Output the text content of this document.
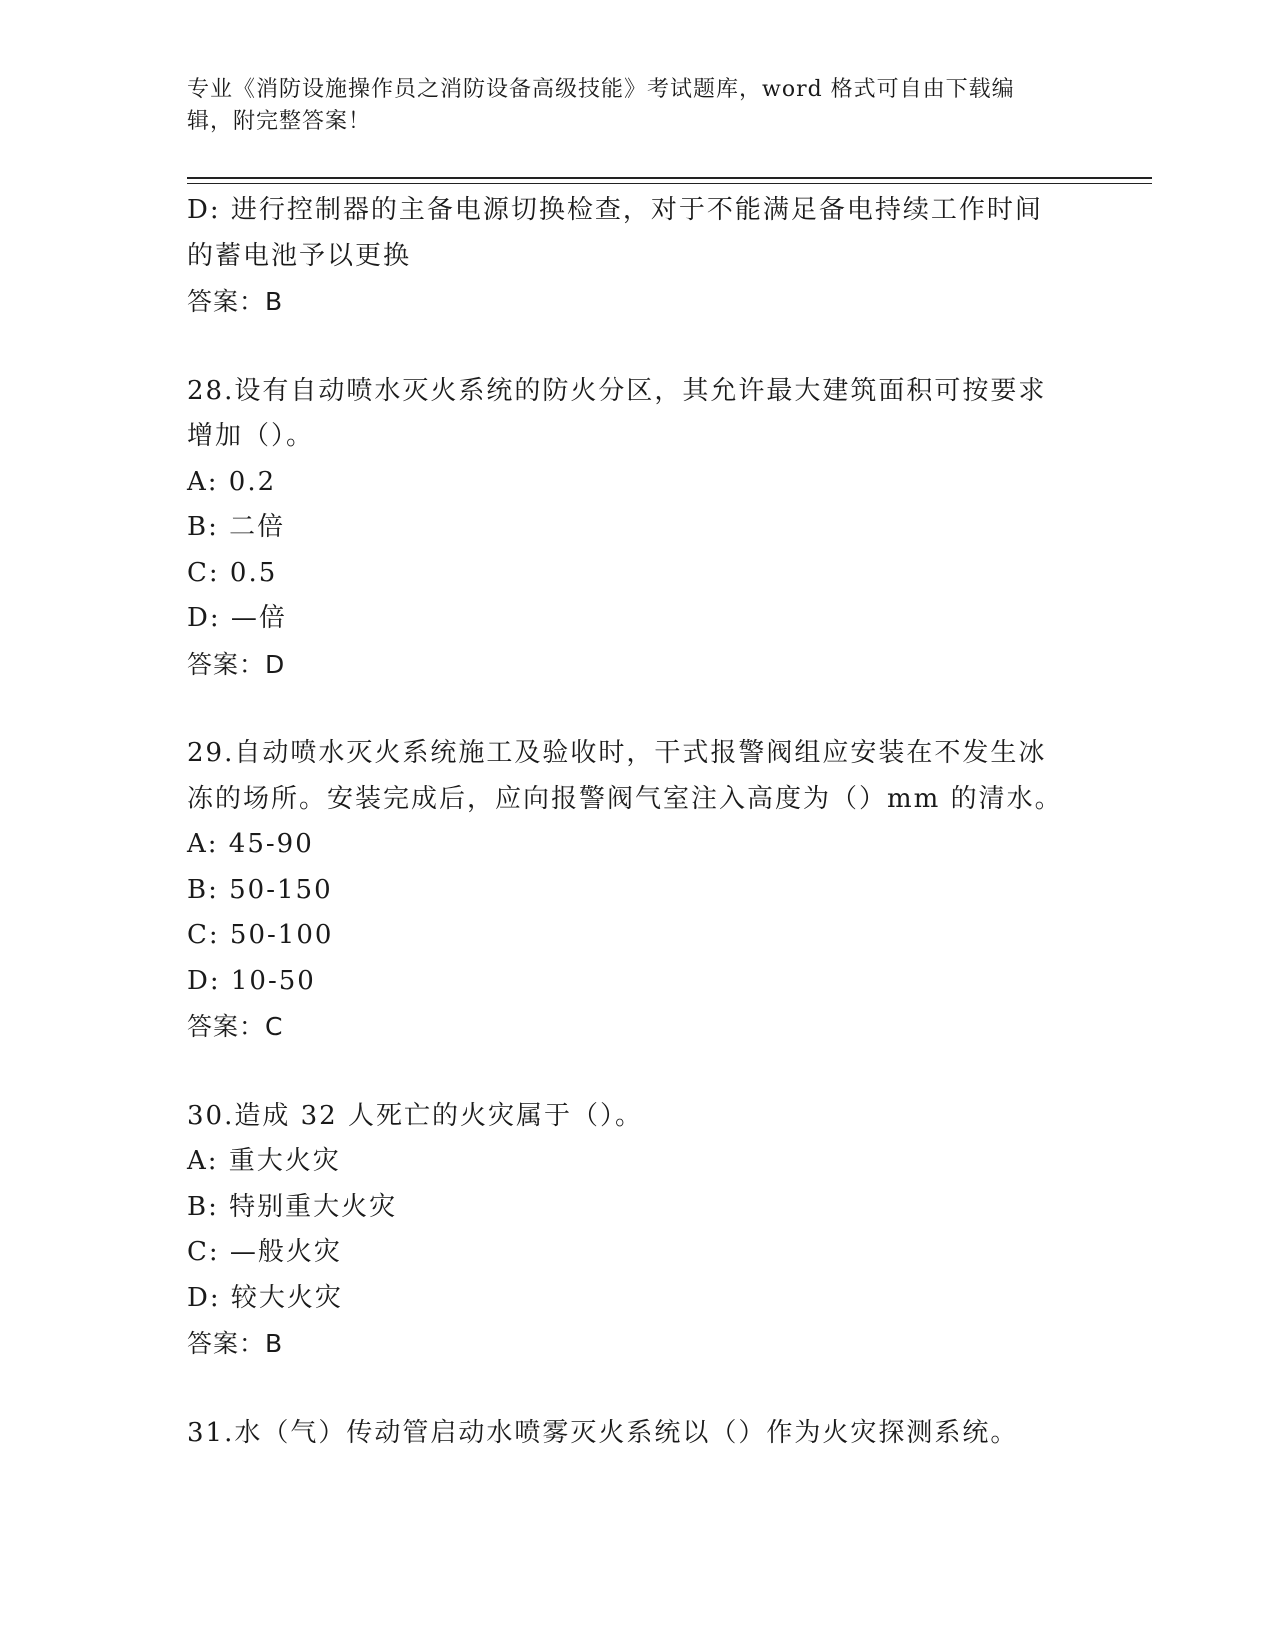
专业《消防设施操作员之消防设备高级技能》考试题库，word 格式可自由下载编
辑，附完整答案！
D: 进行控制器的主备电源切换检查，对于不能满足备电持续工作时间
的蓄电池予以更换
答案：B
28.设有自动喷水灭火系统的防火分区，其允许最大建筑面积可按要求
增加（）。
A: 0.2
B: 二倍
C: 0.5
D: —倍
答案：D
29.自动喷水灭火系统施工及验收时，干式报警阀组应安装在不发生冰
冻的场所。安装完成后，应向报警阀气室注入高度为（）mm 的清水。
A: 45-90
B: 50-150
C: 50-100
D: 10-50
答案：C
30.造成 32 人死亡的火灾属于（）。
A: 重大火灾
B: 特别重大火灾
C: —般火灾
D: 较大火灾
答案：B
31.水（气）传动管启动水喷雾灭火系统以（）作为火灾探测系统。
